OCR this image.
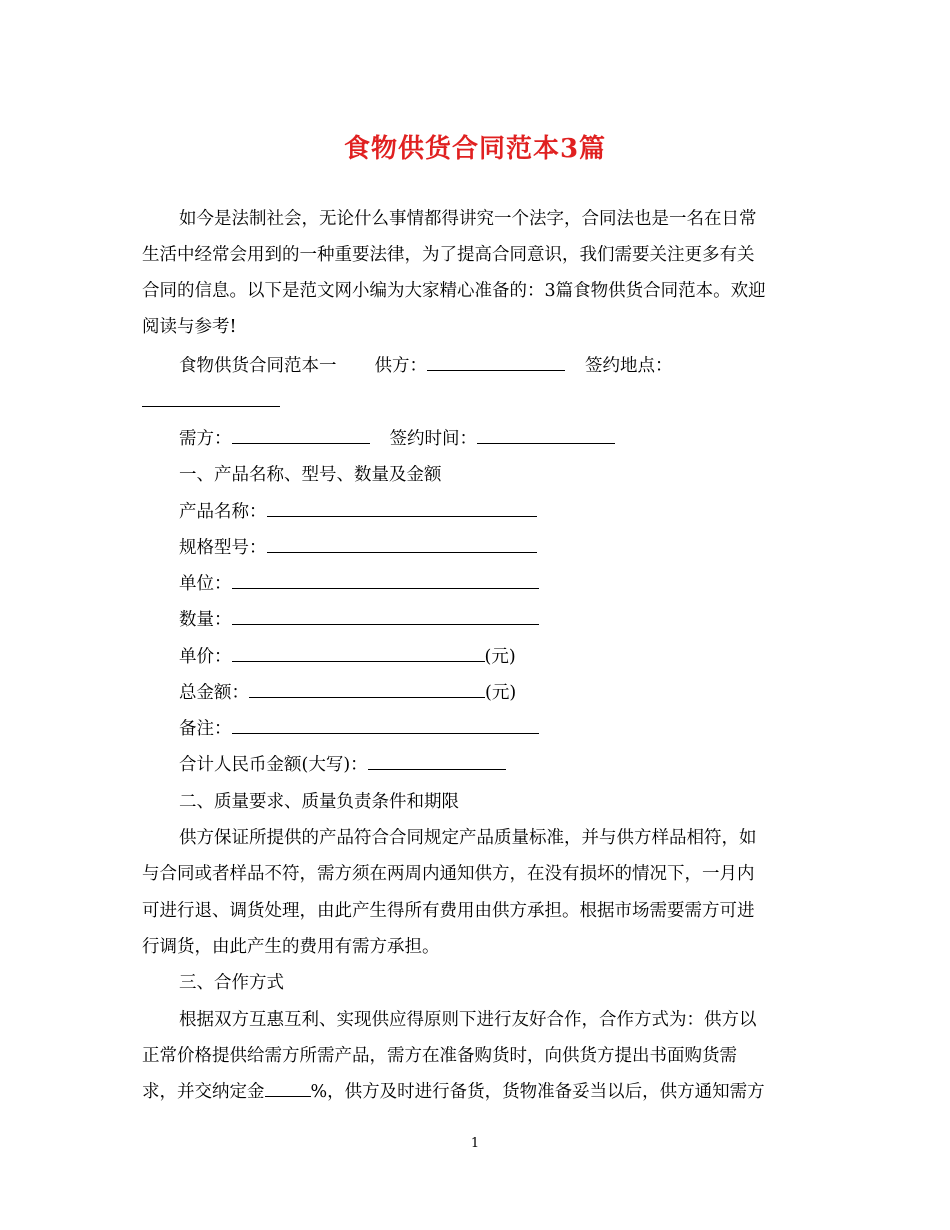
食物供货合同范本3篇
如今是法制社会，无论什么事情都得讲究一个法字，合同法也是一名在日常
生活中经常会用到的一种重要法律，为了提高合同意识，我们需要关注更多有关
合同的信息。以下是范文网小编为大家精心准备的：3篇食物供货合同范本。欢迎
阅读与参考!
食物供货合同范本一 供方：	签约地点：
需方：	签约时间：
一、产品名称、型号、数量及金额
产品名称：
规格型号：
单位：
数量：
单价：	(元)
总金额：	(元)
备注：
合计人民币金额(大写)：
二、质量要求、质量负责条件和期限
供方保证所提供的产品符合合同规定产品质量标准，并与供方样品相符，如
与合同或者样品不符，需方须在两周内通知供方，在没有损坏的情况下，一月内
可进行退、调货处理，由此产生得所有费用由供方承担。根据市场需要需方可进
行调货，由此产生的费用有需方承担。
三、合作方式
根据双方互惠互利、实现供应得原则下进行友好合作，合作方式为：供方以
正常价格提供给需方所需产品，需方在准备购货时，向供货方提出书面购货需
求，并交纳定金	%，供方及时进行备货，货物准备妥当以后，供方通知需方
1
